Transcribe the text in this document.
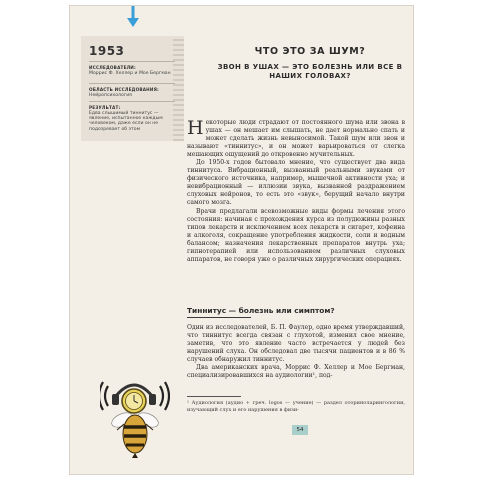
1953
ИССЛЕДОВАТЕЛИ:
Моррис Ф. Хеллер и Мое Бергман
ОБЛАСТЬ ИССЛЕДОВАНИЯ:
Нейропсихология
РЕЗУЛЬТАТ:
Едва слышимый тиннитус — явление, испытанное каждым человеком, даже если он не подозревает об этом
ЧТО ЭТО ЗА ШУМ?
ЗВОН В УШАХ — ЭТО БОЛЕЗНЬ ИЛИ ВСЕ В НАШИХ ГОЛОВАХ?

Некоторые люди страдают от постоянного шума или звона в ушах — он мешает им слышать, не дает нормально спать и может сделать жизнь невыносимой. Такой шум или звон и называют «тиннитус», и он может варьироваться от слегка мешающих ощущений до откровенно мучительных.

До 1950-х годов бытовало мнение, что существует два вида тиннитуса. Вибрационный, вызванный реальными звуками от физического источника, например, мышечной активности уха; и невибрационный — иллюзии звука, вызванной раздражением слуховых нейронов, то есть это «звук», берущий начало внутри самого мозга.

Врачи предлагали всевозможные виды формы лечения этого состояния: начиная с прохождения курса из полудюжины разных типов лекарств и исключением всех лекарств и сигарет, кофеина и алкоголя, сокращение употребления жидкости, соли и водным балансом; назначения лекарственных препаратов внутрь уха; гипнотерапией или использованием различных слуховых аппаратов, не говоря уже о различных хирургических операциях.

Тиннитус — болезнь или симптом?

Один из исследователей, Б. П. Фаулер, одно время утверждавший, что тиннитус всегда связан с глухотой, изменил свое мнение, заметив, что это явление часто встречается у людей без нарушений слуха. Он обследовал две тысячи пациентов и в 86 % случаев обнаружил тиннитус.

Два американских врача, Моррис Ф. Хеллер и Мое Бергман, специализировавшихся на аудиологии¹, под-

¹ Аудиология (аудио + греч. logos — учение) — раздел оториноларингологии, изучающий слух и его нарушения в физи-
54
